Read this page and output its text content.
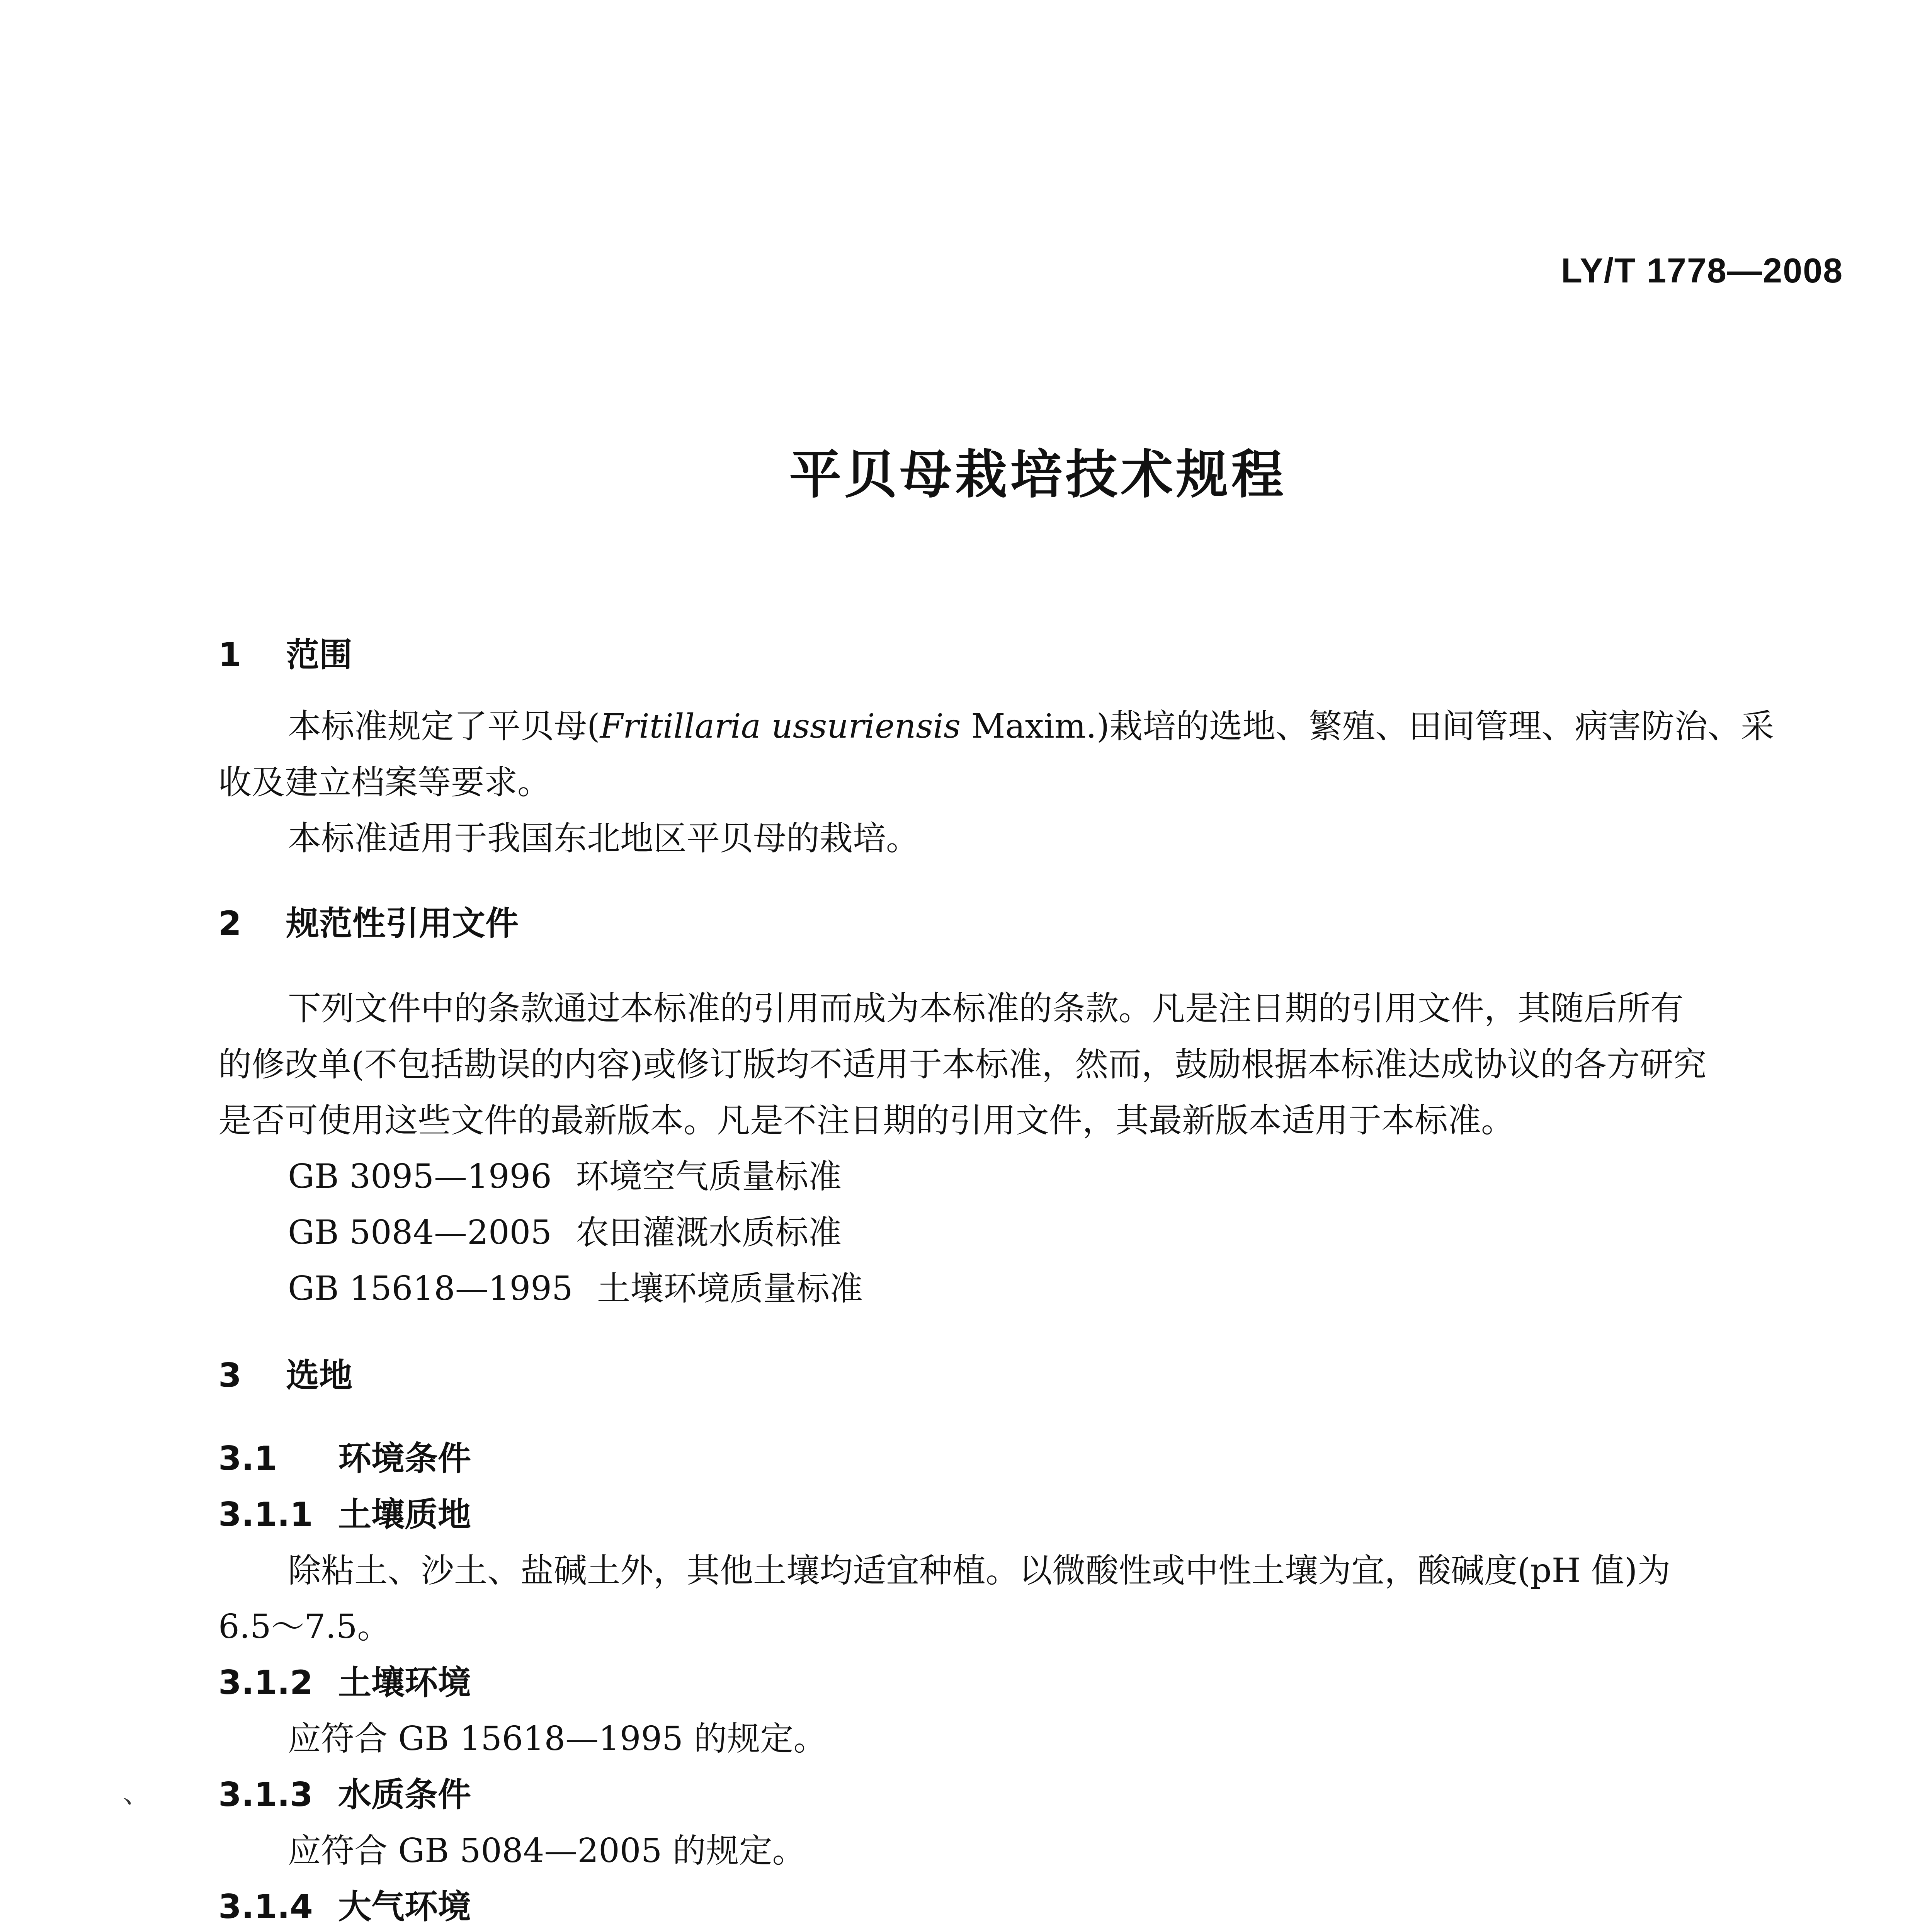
LY/T 1778—2008
平贝母栽培技术规程
1 范围
本标准规定了平贝母(Fritillaria ussuriensis Maxim.)栽培的选地、繁殖、田间管理、病害防治、采
收及建立档案等要求。
本标准适用于我国东北地区平贝母的栽培。
2 规范性引用文件
下列文件中的条款通过本标准的引用而成为本标准的条款。凡是注日期的引用文件，其随后所有
的修改单(不包括勘误的内容)或修订版均不适用于本标准，然而，鼓励根据本标准达成协议的各方研究
是否可使用这些文件的最新版本。凡是不注日期的引用文件，其最新版本适用于本标准。
GB 3095—1996 环境空气质量标准
GB 5084—2005 农田灌溉水质标准
GB 15618—1995 土壤环境质量标准
3 选地
3.1 环境条件
3.1.1 土壤质地
除粘土、沙土、盐碱土外，其他土壤均适宜种植。以微酸性或中性土壤为宜，酸碱度(pH 值)为
6.5～7.5。
3.1.2 土壤环境
应符合 GB 15618—1995 的规定。
、 3.1.3 水质条件
应符合 GB 5084—2005 的规定。
3.1.4 大气环境
